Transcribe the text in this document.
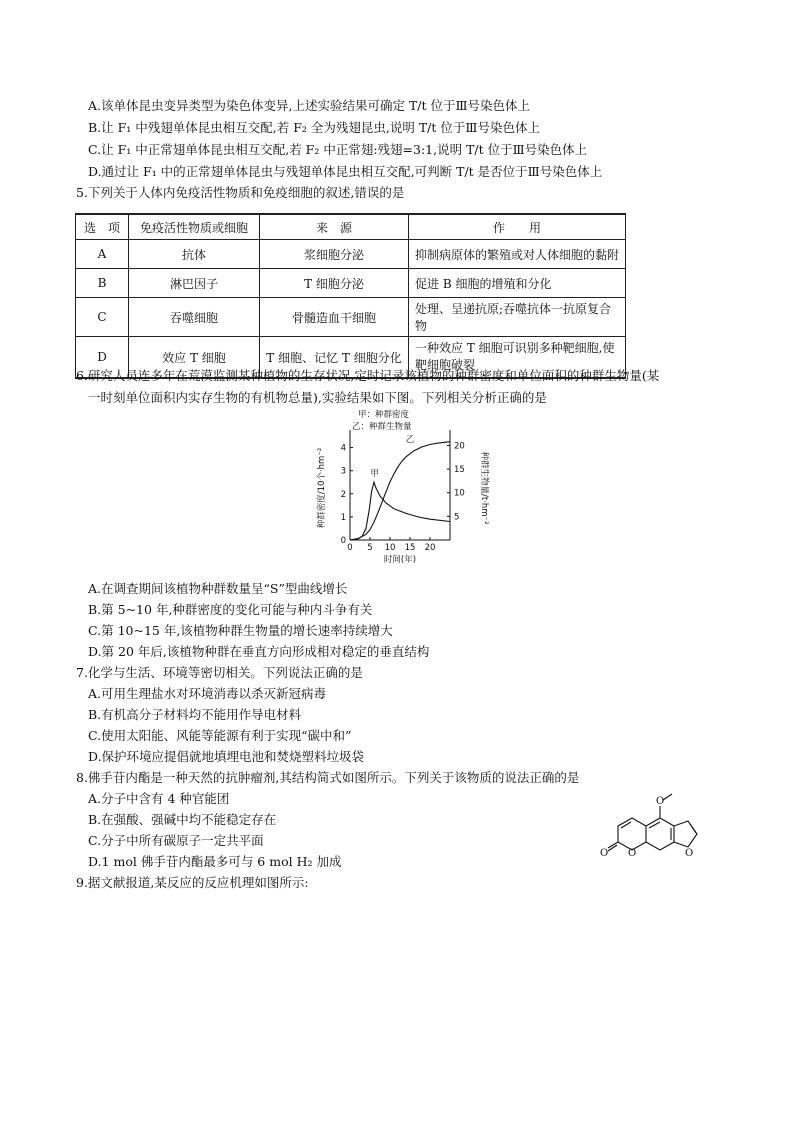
A.该单体昆虫变异类型为染色体变异,上述实验结果可确定 T/t 位于Ⅲ号染色体上
B.让 F₁ 中残翅单体昆虫相互交配,若 F₂ 全为残翅昆虫,说明 T/t 位于Ⅲ号染色体上
C.让 F₁ 中正常翅单体昆虫相互交配,若 F₂ 中正常翅:残翅=3:1,说明 T/t 位于Ⅲ号染色体上
D.通过让 F₁ 中的正常翅单体昆虫与残翅单体昆虫相互交配,可判断 T/t 是否位于Ⅲ号染色体上
5.下列关于人体内免疫活性物质和免疫细胞的叙述,错误的是
选　项	免疫活性物质或细胞	来　源	作　　用
A	抗体	浆细胞分泌	抑制病原体的繁殖或对人体细胞的黏附
B	淋巴因子	T 细胞分泌	促进 B 细胞的增殖和分化
C	吞噬细胞	骨髓造血干细胞	处理、呈递抗原;吞噬抗体一抗原复合物
D	效应 T 细胞	T 细胞、记忆 T 细胞分化	一种效应 T 细胞可识别多种靶细胞,使靶细胞破裂
6.研究人员连多年在荒漠监测某种植物的生存状况,定时记录该植物的种群密度和单位面积的种群生物量(某
一时刻单位面积内实存生物的有机物总量),实验结果如下图。下列相关分析正确的是
0 5 10 15 20
0
1
2
3
4
5
10
15
20
甲
乙
甲：种群密度
乙：种群生物量
时间(年)
种群密度/10个·hm⁻²	种群生物量/t·hm⁻²
A.在调查期间该植物种群数量呈“S”型曲线增长
B.第 5~10 年,种群密度的变化可能与种内斗争有关
C.第 10~15 年,该植物种群生物量的增长速率持续增大
D.第 20 年后,该植物种群在垂直方向形成相对稳定的垂直结构
7.化学与生活、环境等密切相关。下列说法正确的是
A.可用生理盐水对环境消毒以杀灭新冠病毒
B.有机高分子材料均不能用作导电材料
C.使用太阳能、风能等能源有利于实现“碳中和”
D.保护环境应提倡就地填埋电池和焚烧塑料垃圾袋
8.佛手苷内酯是一种天然的抗肿瘤剂,其结构简式如图所示。下列关于该物质的说法正确的是
A.分子中含有 4 种官能团
B.在强酸、强碱中均不能稳定存在
C.分子中所有碳原子一定共平面
D.1 mol 佛手苷内酯最多可与 6 mol H₂ 加成
O
O O	O
9.据文献报道,某反应的反应机理如图所示:
